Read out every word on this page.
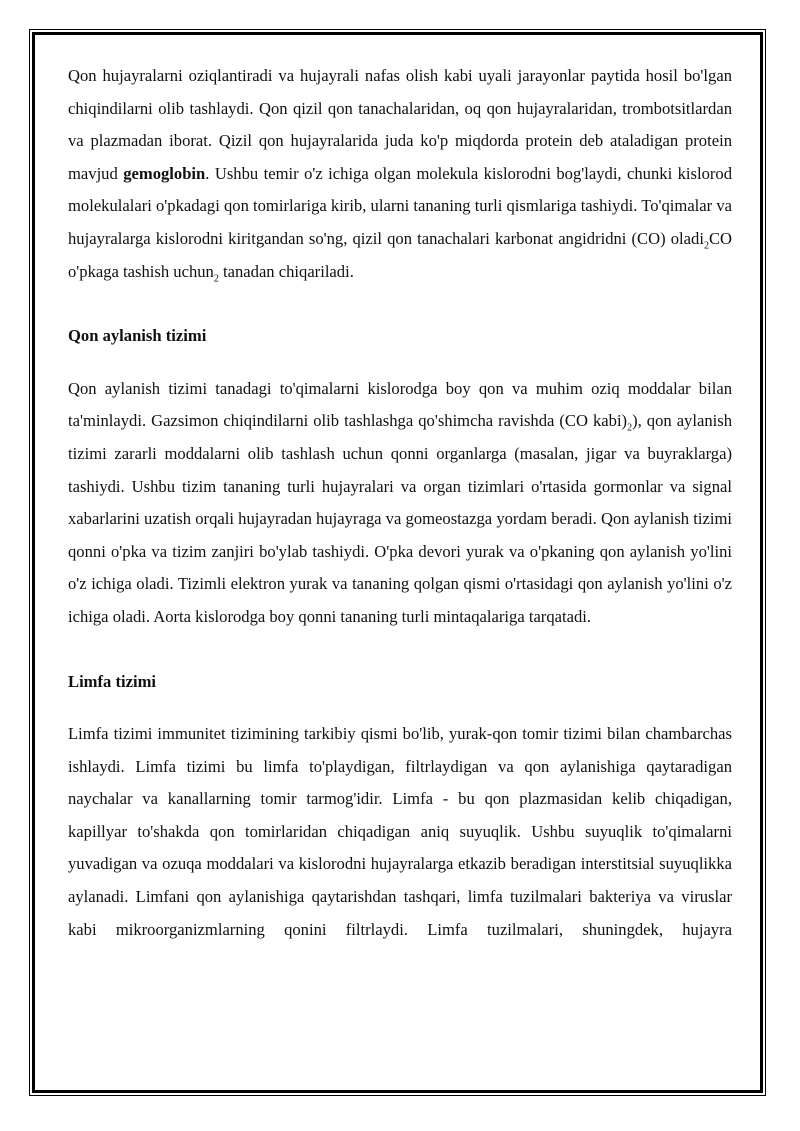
Qon hujayralarni oziqlantiradi va hujayrali nafas olish kabi uyali jarayonlar paytida hosil bo'lgan chiqindilarni olib tashlaydi. Qon qizil qon tanachalaridan, oq qon hujayralaridan, trombotsitlardan va plazmadan iborat. Qizil qon hujayralarida juda ko'p miqdorda protein deb ataladigan protein mavjud gemoglobin. Ushbu temir o'z ichiga olgan molekula kislorodni bog'laydi, chunki kislorod molekulalari o'pkadagi qon tomirlariga kirib, ularni tananing turli qismlariga tashiydi. To'qimalar va hujayralarga kislorodni kiritgandan so'ng, qizil qon tanachalari karbonat angidridni (CO) oladi$_2$CO o'pkaga tashish uchun$_2$ tanadan chiqariladi.

Qon aylanish tizimi

Qon aylanish tizimi tanadagi to'qimalarni kislorodga boy qon va muhim oziq moddalar bilan ta'minlaydi. Gazsimon chiqindilarni olib tashlashga qo'shimcha ravishda (CO $kabi)_2$), qon aylanish tizimi zararli moddalarni olib tashlash uchun qonni organlarga (masalan, jigar va buyraklarga) tashiydi. Ushbu tizim tananing turli hujayralari va organ tizimlari o'rtasida gormonlar va signal xabarlarini uzatish orqali hujayradan hujayraga va gomeostazga yordam beradi. Qon aylanish tizimi qonni o'pka va tizim zanjiri bo'ylab tashiydi. O'pka devori yurak va o'pkaning qon aylanish yo'lini o'z ichiga oladi. Tizimli elektron yurak va tananing qolgan qismi o'rtasidagi qon aylanish yo'lini o'z ichiga oladi. Aorta kislorodga boy qonni tananing turli mintaqalariga tarqatadi.

Limfa tizimi

Limfa tizimi immunitet tizimining tarkibiy qismi bo'lib, yurak-qon tomir tizimi bilan chambarchas ishlaydi. Limfa tizimi bu limfa to'playdigan, filtrlaydigan va qon aylanishiga qaytaradigan naychalar va kanallarning tomir tarmog'idir. Limfa - bu qon plazmasidan kelib chiqadigan, kapillyar to'shakda qon tomirlaridan chiqadigan aniq suyuqlik. Ushbu suyuqlik to'qimalarni yuvadigan va ozuqa moddalari va kislorodni hujayralarga etkazib beradigan interstitsial suyuqlikka aylanadi. Limfani qon aylanishiga qaytarishdan tashqari, limfa tuzilmalari bakteriya va viruslar kabi mikroorganizmlarning qonini filtrlaydi. Limfa tuzilmalari, shuningdek, hujayra
